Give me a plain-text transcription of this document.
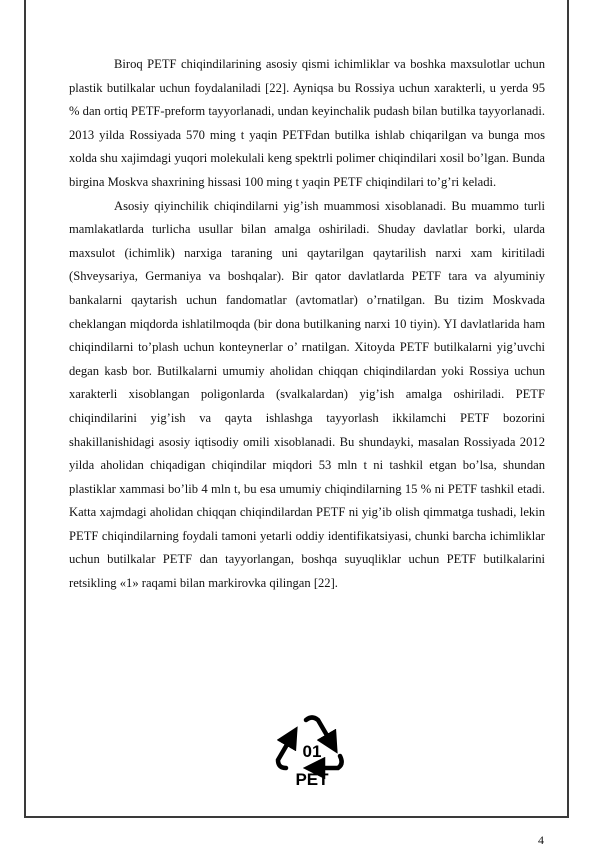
Biroq PETF chiqindilarining asosiy qismi ichimliklar va boshka maxsulotlar uchun plastik butilkalar uchun foydalaniladi [22]. Ayniqsa bu Rossiya uchun xarakterli, u yerda 95 % dan ortiq PETF-preform tayyorlanadi, undan keyinchalik pudash bilan butilka tayyorlanadi. 2013 yilda Rossiyada 570 ming t yaqin PETFdan butilka ishlab chiqarilgan va bunga mos xolda shu xajimdagi yuqori molekulali keng spektrli polimer chiqindilari xosil bo’lgan. Bunda birgina Moskva shaxrining hissasi 100 ming t yaqin PETF chiqindilari to’g’ri keladi.

Asosiy qiyinchilik chiqindilarni yig’ish muammosi xisoblanadi. Bu muammo turli mamlakatlarda turlicha usullar bilan amalga oshiriladi. Shuday davlatlar borki, ularda maxsulot (ichimlik) narxiga taraning uni qaytarilgan qaytarilish narxi xam kiritiladi (Shveysariya, Germaniya va boshqalar). Bir qator davlatlarda PETF tara va alyuminiy bankalarni qaytarish uchun fandomatlar (avtomatlar) o’rnatilgan. Bu tizim Moskvada cheklangan miqdorda ishlatilmoqda (bir dona butilkaning narxi 10 tiyin). YI davlatlarida ham chiqindilarni to’plash uchun konteynerlar o’ rnatilgan. Xitoyda PETF butilkalarni yig’uvchi degan kasb bor. Butilkalarni umumiy aholidan chiqqan chiqindilardan yoki Rossiya uchun xarakterli xisoblangan poligonlarda (svalkalardan) yig’ish amalga oshiriladi. PETF chiqindilarini yig’ish va qayta ishlashga tayyorlash ikkilamchi PETF bozorini shakillanishidagi asosiy iqtisodiy omili xisoblanadi. Bu shundayki, masalan Rossiyada 2012 yilda aholidan chiqadigan chiqindilar miqdori 53 mln t ni tashkil etgan bo’lsa, shundan plastiklar xammasi bo’lib 4 mln t, bu esa umumiy chiqindilarning 15 % ni PETF tashkil etadi. Katta xajmdagi aholidan chiqqan chiqindilardan PETF ni yig’ib olish qimmatga tushadi, lekin PETF chiqindilarning foydali tamoni yetarli oddiy identifikatsiyasi, chunki barcha ichimliklar uchun butilkalar PETF dan tayyorlangan, boshqa suyuqliklar uchun PETF butilkalarini retsikling «1» raqami bilan markirovka qilingan [22].

01
PET
4
